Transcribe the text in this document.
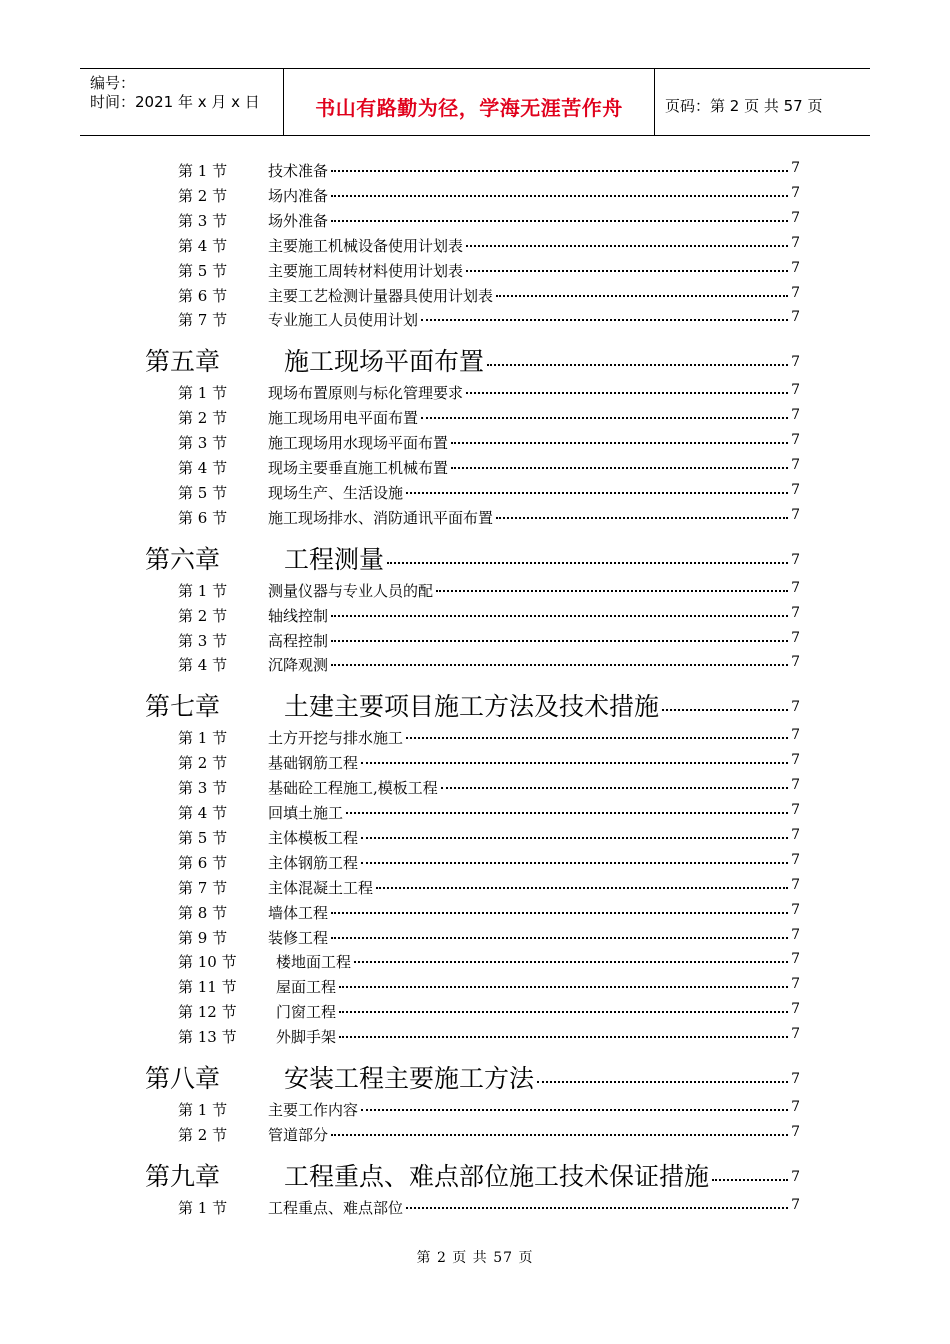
编号：
时间：2021 年 x 月 x 日	书山有路勤为径，学海无涯苦作舟	页码：第 2 页 共 57 页
第 1 节	技术准备	7
第 2 节	场内准备	7
第 3 节	场外准备	7
第 4 节	主要施工机械设备使用计划表	7
第 5 节	主要施工周转材料使用计划表	7
第 6 节	主要工艺检测计量器具使用计划表	7
第 7 节	专业施工人员使用计划	7
第五章	施工现场平面布置	7
第 1 节	现场布置原则与标化管理要求	7
第 2 节	施工现场用电平面布置	7
第 3 节	施工现场用水现场平面布置	7
第 4 节	现场主要垂直施工机械布置	7
第 5 节	现场生产、生活设施	7
第 6 节	施工现场排水、消防通讯平面布置	7
第六章	工程测量	7
第 1 节	测量仪器与专业人员的配	7
第 2 节	轴线控制	7
第 3 节	高程控制	7
第 4 节	沉降观测	7
第七章	土建主要项目施工方法及技术措施	7
第 1 节	土方开挖与排水施工	7
第 2 节	基础钢筋工程	7
第 3 节	基础砼工程施工,模板工程	7
第 4 节	回填土施工	7
第 5 节	主体模板工程	7
第 6 节	主体钢筋工程	7
第 7 节	主体混凝土工程	7
第 8 节	墙体工程	7
第 9 节	装修工程	7
第 10 节	楼地面工程	7
第 11 节	屋面工程	7
第 12 节	门窗工程	7
第 13 节	外脚手架	7
第八章	安装工程主要施工方法	7
第 1 节	主要工作内容	7
第 2 节	管道部分	7
第九章	工程重点、难点部位施工技术保证措施	7
第 1 节	工程重点、难点部位	7
第 2 页 共 57 页
